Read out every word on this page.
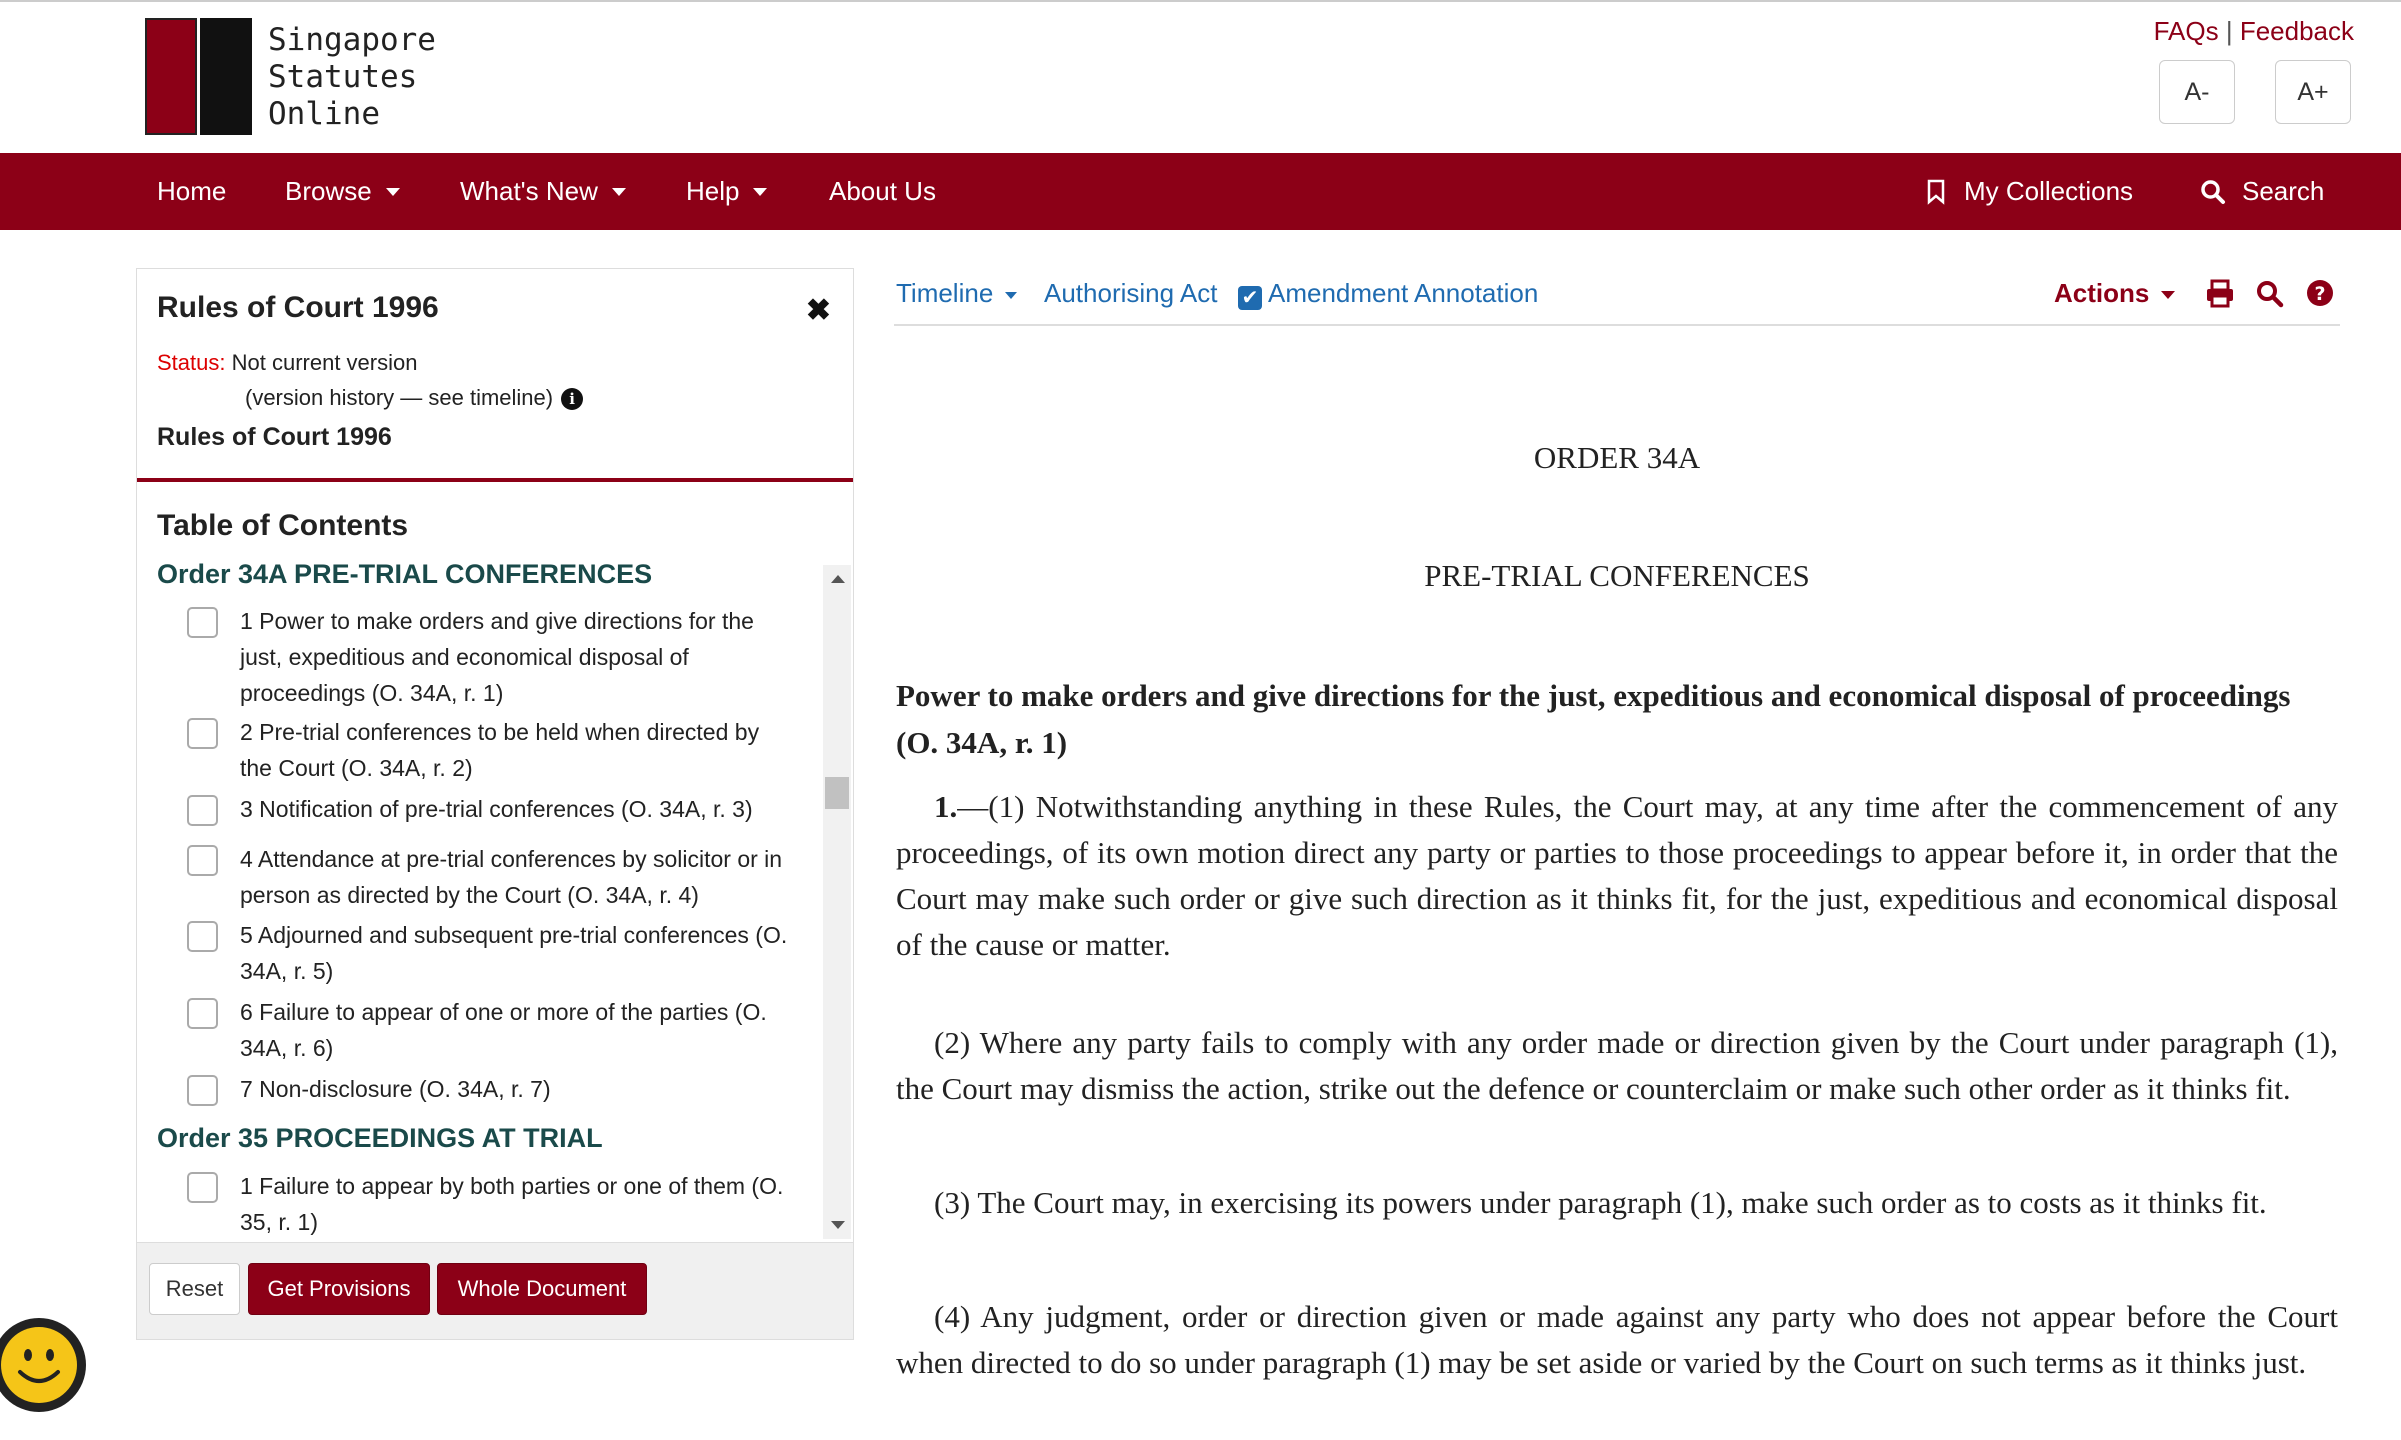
Singapore
Statutes
Online
FAQs | Feedback
A-	A+
Home Browse	What's New	Help	About Us	My Collections	Search
Rules of Court 1996	✖
Status: Not current version
(version history — see timeline) i
Rules of Court 1996
Table of Contents
Order 34A PRE-TRIAL CONFERENCES
1 Power to make orders and give directions for the just, expeditious and economical disposal of proceedings (O. 34A, r. 1)
2 Pre-trial conferences to be held when directed by the Court (O. 34A, r. 2)
3 Notification of pre-trial conferences (O. 34A, r. 3)
4 Attendance at pre-trial conferences by solicitor or in person as directed by the Court (O. 34A, r. 4)
5 Adjourned and subsequent pre-trial conferences (O. 34A, r. 5)
6 Failure to appear of one or more of the parties (O. 34A, r. 6)
7 Non-disclosure (O. 34A, r. 7)
Order 35 PROCEEDINGS AT TRIAL
1 Failure to appear by both parties or one of them (O. 35, r. 1)
Reset	Get Provisions	Whole Document
Timeline	Authorising Act ✔ Amendment Annotation	Actions	?
ORDER 34A
PRE-TRIAL CONFERENCES
Power to make orders and give directions for the just, expeditious and economical disposal of proceedings (O. 34A, r. 1)
1.—(1) Notwithstanding anything in these Rules, the Court may, at any time after the commencement of any proceedings, of its own motion direct any party or parties to those proceedings to appear before it, in order that the Court may make such order or give such direction as it thinks fit, for the just, expeditious and economical disposal of the cause or matter.
(2) Where any party fails to comply with any order made or direction given by the Court under paragraph (1), the Court may dismiss the action, strike out the defence or counterclaim or make such other order as it thinks fit.
(3) The Court may, in exercising its powers under paragraph (1), make such order as to costs as it thinks fit.
(4) Any judgment, order or direction given or made against any party who does not appear before the Court when directed to do so under paragraph (1) may be set aside or varied by the Court on such terms as it thinks just.
